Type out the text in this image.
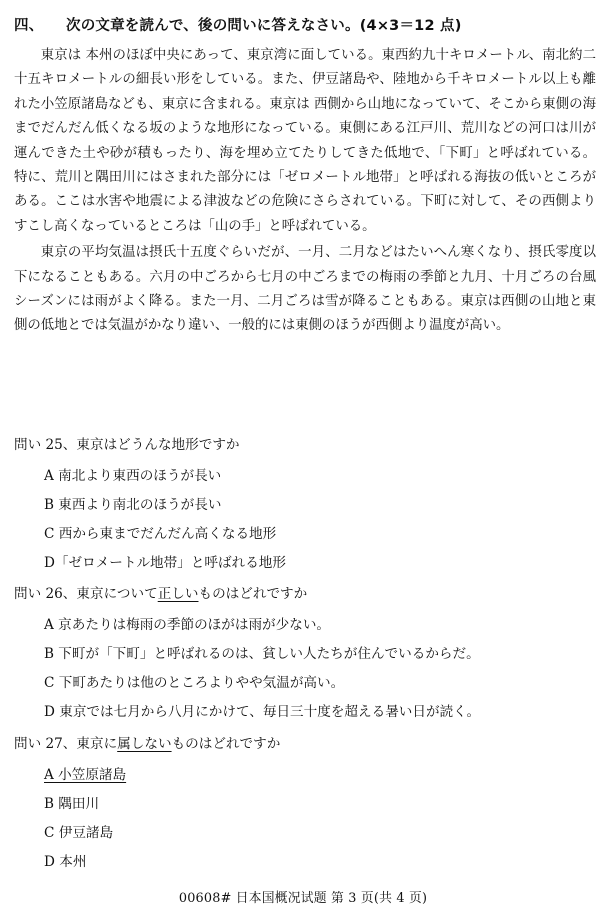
四、 次の文章を読んで、後の問いに答えなさい。(4×3＝12 点)

東京は 本州のほぼ中央にあって、東京湾に面している。東西約九十キロメートル、南北約二十五キロメートルの細長い形をしている。また、伊豆諸島や、陸地から千キロメートル以上も離れた小笠原諸島なども、東京に含まれる。東京は 西側から山地になっていて、そこから東側の海までだんだん低くなる坂のような地形になっている。東側にある江戸川、荒川などの河口は川が運んできた土や砂が積もったり、海を埋め立てたりしてきた低地で、「下町」と呼ばれている。特に、荒川と隅田川にはさまれた部分には「ゼロメートル地帯」と呼ばれる海抜の低いところがある。ここは水害や地震による津波などの危険にさらされている。下町に対して、その西側よりすこし高くなっているところは「山の手」と呼ばれている。

東京の平均気温は摂氏十五度ぐらいだが、一月、二月などはたいへん寒くなり、摂氏零度以下になることもある。六月の中ごろから七月の中ごろまでの梅雨の季節と九月、十月ごろの台風シーズンには雨がよく降る。また一月、二月ごろは雪が降ることもある。東京は西側の山地と東側の低地とでは気温がかなり違い、一般的には東側のほうが西側より温度が高い。

問い 25、東京はどうんな地形ですか
A 南北より東西のほうが長い
B 東西より南北のほうが長い
C 西から東までだんだん高くなる地形
D「ゼロメートル地帯」と呼ばれる地形
問い 26、東京について正しいものはどれですか
A 京あたりは梅雨の季節のほがは雨が少ない。
B 下町が「下町」と呼ばれるのは、貧しい人たちが住んでいるからだ。
C 下町あたりは他のところよりやや気温が高い。
D 東京では七月から八月にかけて、毎日三十度を超える暑い日が読く。
問い 27、東京に属しないものはどれですか
A 小笠原諸島
B 隅田川
C 伊豆諸島
D 本州
00608# 日本国概况试题 第 3 页(共 4 页)
